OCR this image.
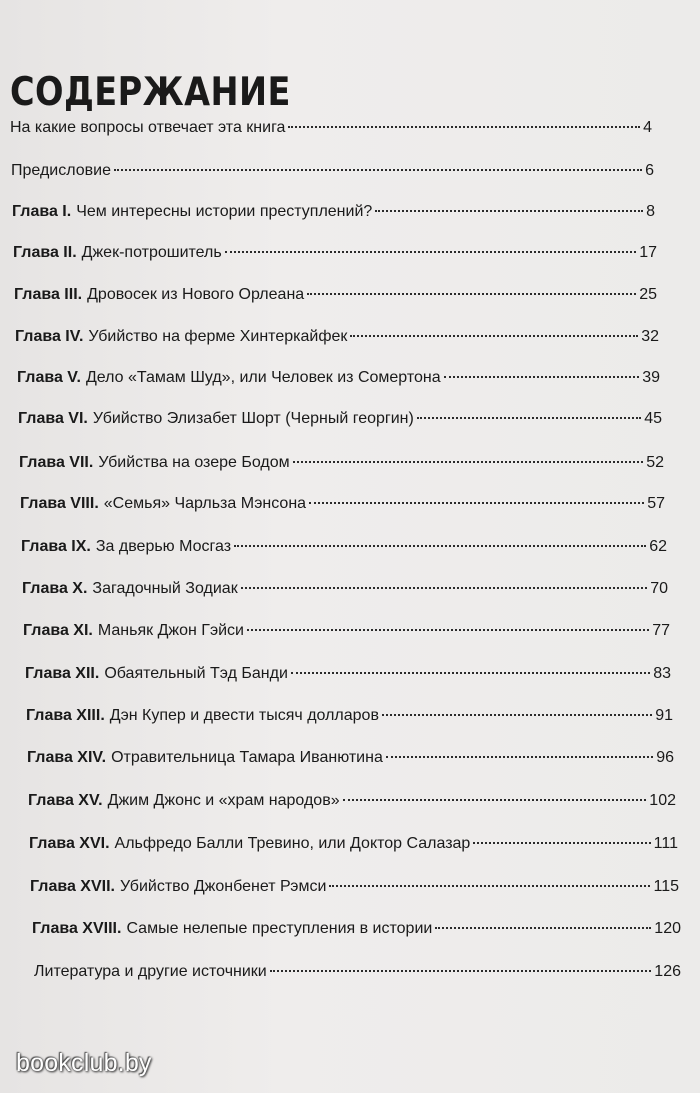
СОДЕРЖАНИЕ
На какие вопросы отвечает эта книга	4
Предисловие	6
Глава I. Чем интересны истории преступлений?	8
Глава II. Джек-потрошитель	17
Глава III. Дровосек из Нового Орлеана	25
Глава IV. Убийство на ферме Хинтеркайфек	32
Глава V. Дело «Тамам Шуд», или Человек из Сомертона	39
Глава VI. Убийство Элизабет Шорт (Черный георгин)	45
Глава VII. Убийства на озере Бодом	52
Глава VIII. «Семья» Чарльза Мэнсона	57
Глава IX. За дверью Мосгаз	62
Глава X. Загадочный Зодиак	70
Глава XI. Маньяк Джон Гэйси	77
Глава XII. Обаятельный Тэд Банди	83
Глава XIII. Дэн Купер и двести тысяч долларов	91
Глава XIV. Отравительница Тамара Иванютина	96
Глава XV. Джим Джонс и «храм народов»	102
Глава XVI. Альфредо Балли Тревино, или Доктор Салазар	111
Глава XVII. Убийство Джонбенет Рэмси	115
Глава XVIII. Самые нелепые преступления в истории	120
Литература и другие источники	126
bookclub.by
